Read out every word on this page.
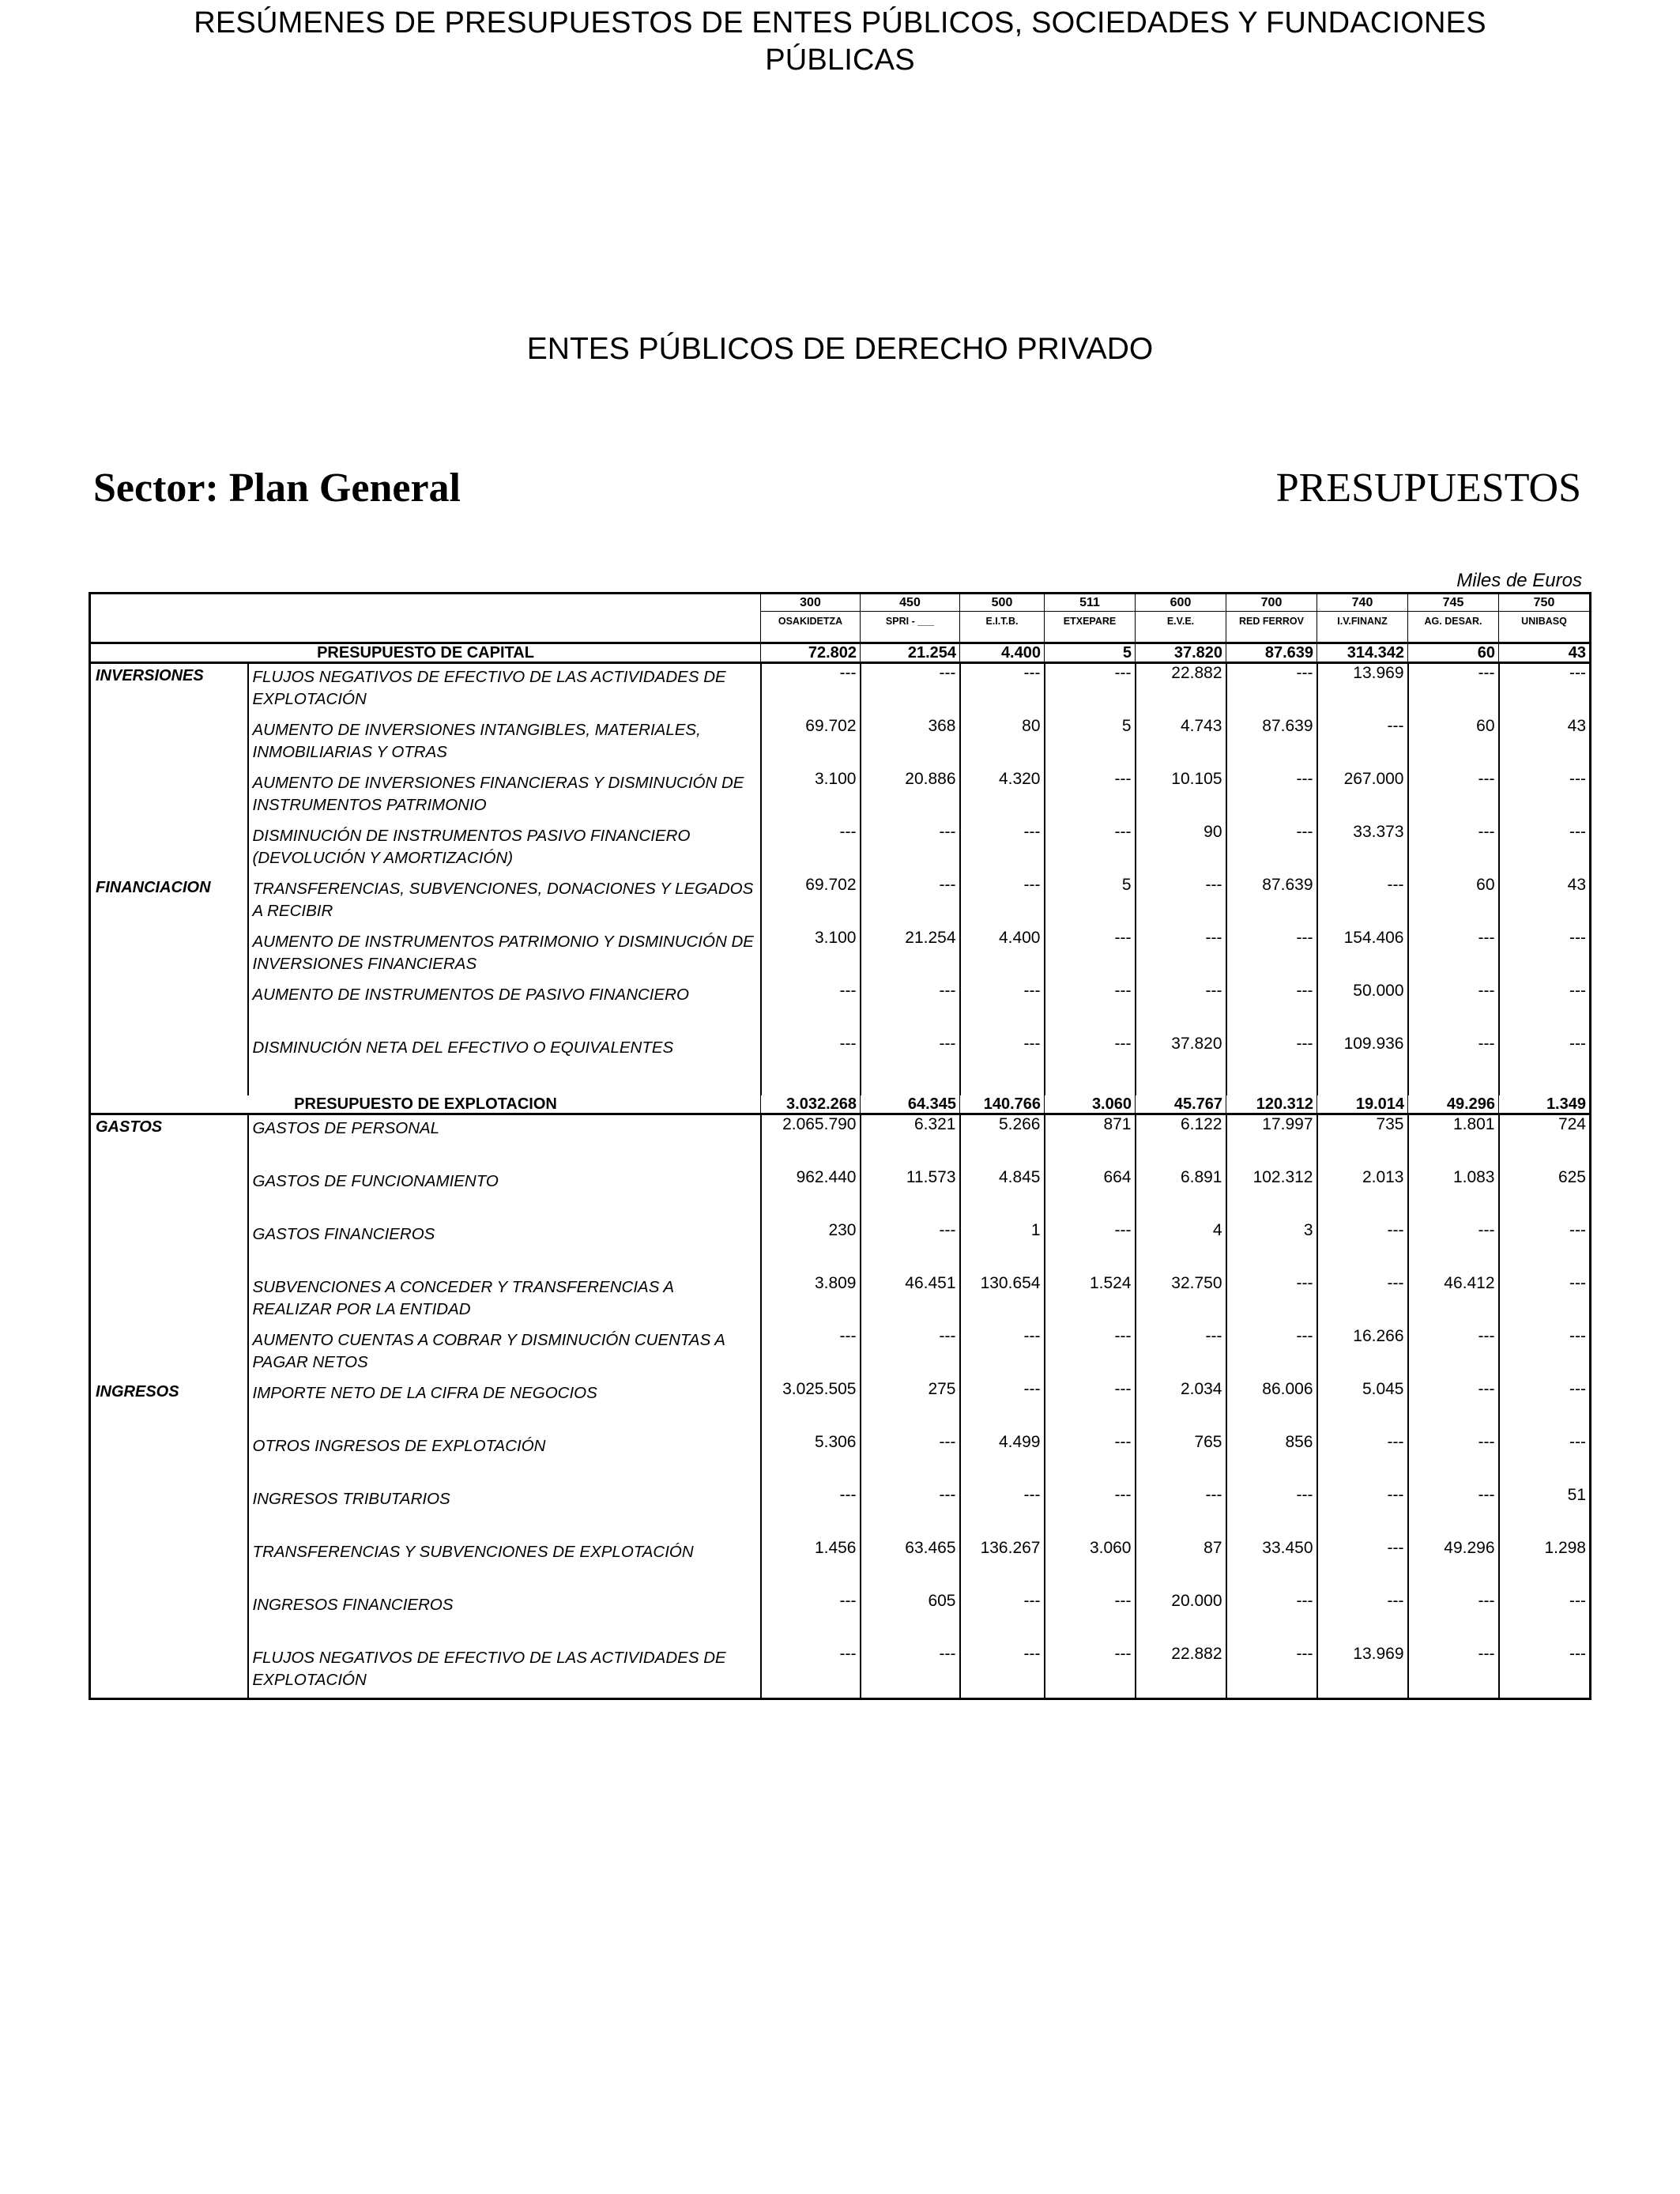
RESÚMENES DE PRESUPUESTOS DE ENTES PÚBLICOS, SOCIEDADES Y FUNDACIONES PÚBLICAS
ENTES PÚBLICOS DE DERECHO PRIVADO
Sector: Plan General	PRESUPUESTOS
Miles de Euros
		300	450	500	511	600	700	740	745	750
		OSAKIDETZA	SPRI - ___	E.I.T.B.	ETXEPARE	E.V.E.	RED FERROV	I.V.FINANZ	AG. DESAR.	UNIBASQ
PRESUPUESTO DE CAPITAL		72.802	21.254	4.400	5	37.820	87.639	314.342	60	43
INVERSIONES	FLUJOS NEGATIVOS DE EFECTIVO DE LAS ACTIVIDADES DE EXPLOTACIÓN	---	---	---	---	22.882	---	13.969	---	---
	AUMENTO DE INVERSIONES INTANGIBLES, MATERIALES, INMOBILIARIAS Y OTRAS	69.702	368	80	5	4.743	87.639	---	60	43
	AUMENTO DE INVERSIONES FINANCIERAS Y DISMINUCIÓN DE INSTRUMENTOS PATRIMONIO	3.100	20.886	4.320	---	10.105	---	267.000	---	---
	DISMINUCIÓN DE INSTRUMENTOS PASIVO FINANCIERO (DEVOLUCIÓN Y AMORTIZACIÓN)	---	---	---	---	90	---	33.373	---	---
FINANCIACION	TRANSFERENCIAS, SUBVENCIONES, DONACIONES Y LEGADOS A RECIBIR	69.702	---	---	5	---	87.639	---	60	43
	AUMENTO DE INSTRUMENTOS PATRIMONIO Y DISMINUCIÓN DE INVERSIONES FINANCIERAS	3.100	21.254	4.400	---	---	---	154.406	---	---
	AUMENTO DE INSTRUMENTOS DE PASIVO FINANCIERO	---	---	---	---	---	---	50.000	---	---
	DISMINUCIÓN NETA DEL EFECTIVO O EQUIVALENTES	---	---	---	---	37.820	---	109.936	---	---

PRESUPUESTO DE EXPLOTACION		3.032.268	64.345	140.766	3.060	45.767	120.312	19.014	49.296	1.349
GASTOS	GASTOS DE PERSONAL	2.065.790	6.321	5.266	871	6.122	17.997	735	1.801	724
	GASTOS DE FUNCIONAMIENTO	962.440	11.573	4.845	664	6.891	102.312	2.013	1.083	625
	GASTOS FINANCIEROS	230	---	1	---	4	3	---	---	---
	SUBVENCIONES A CONCEDER Y TRANSFERENCIAS A REALIZAR POR LA ENTIDAD	3.809	46.451	130.654	1.524	32.750	---	---	46.412	---
	AUMENTO CUENTAS A COBRAR Y DISMINUCIÓN CUENTAS A PAGAR NETOS	---	---	---	---	---	---	16.266	---	---
INGRESOS	IMPORTE NETO DE LA CIFRA DE NEGOCIOS	3.025.505	275	---	---	2.034	86.006	5.045	---	---
	OTROS INGRESOS DE EXPLOTACIÓN	5.306	---	4.499	---	765	856	---	---	---
	INGRESOS TRIBUTARIOS	---	---	---	---	---	---	---	---	51
	TRANSFERENCIAS Y SUBVENCIONES DE EXPLOTACIÓN	1.456	63.465	136.267	3.060	87	33.450	---	49.296	1.298
	INGRESOS FINANCIEROS	---	605	---	---	20.000	---	---	---	---
	FLUJOS NEGATIVOS DE EFECTIVO DE LAS ACTIVIDADES DE EXPLOTACIÓN	---	---	---	---	22.882	---	13.969	---	---
